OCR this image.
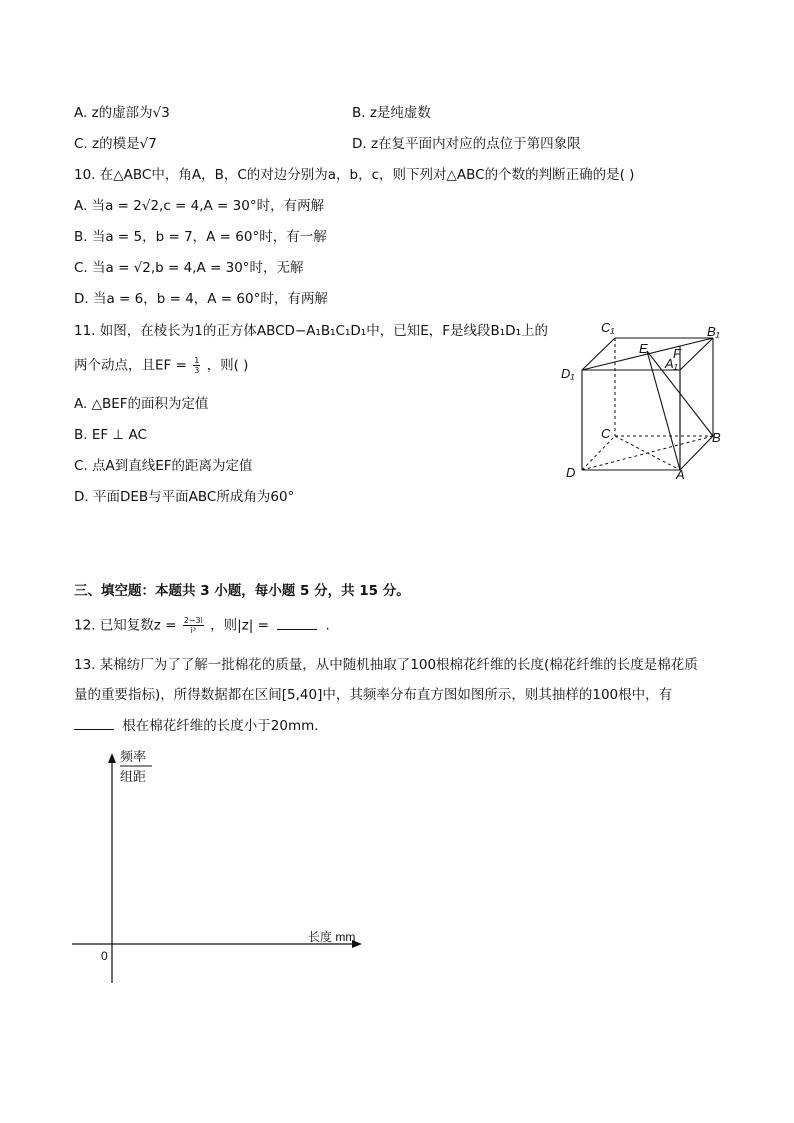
A. z的虚部为√3	B. z是纯虚数
C. z的模是√7	D. z在复平面内对应的点位于第四象限
10. 在△ABC中，角A，B，C的对边分别为a，b，c，则下列对△ABC的个数的判断正确的是( )
A. 当a = 2√2,c = 4,A = 30°时，有两解
B. 当a = 5，b = 7，A = 60°时，有一解
C. 当a = √2,b = 4,A = 30°时，无解
D. 当a = 6，b = 4，A = 60°时，有两解
11. 如图，在棱长为1的正方体ABCD−A₁B₁C₁D₁中，已知E，F是线段B₁D₁上的
两个动点，且EF = $\frac{1}{3}$ ，则( )
A. △BEF的面积为定值
B. EF ⊥ AC
C. 点A到直线EF的距离为定值
D. 平面DEB与平面ABC所成角为60°
C₁	B₁
E F
D₁
A₁
C	B
D	A
三、填空题：本题共 3 小题，每小题 5 分，共 15 分。
12. 已知复数$z = \frac{2-3i}{\text{i³}}$ ，则|z| =	.
13. 某棉纺厂为了了解一批棉花的质量，从中随机抽取了100根棉花纤维的长度(棉花纤维的长度是棉花质
量的重要指标)，所得数据都在区间[5,40]中，其频率分布直方图如图所示，则其抽样的100根中，有
根在棉花纤维的长度小于20mm．
频率
组距
长度 mm
0
